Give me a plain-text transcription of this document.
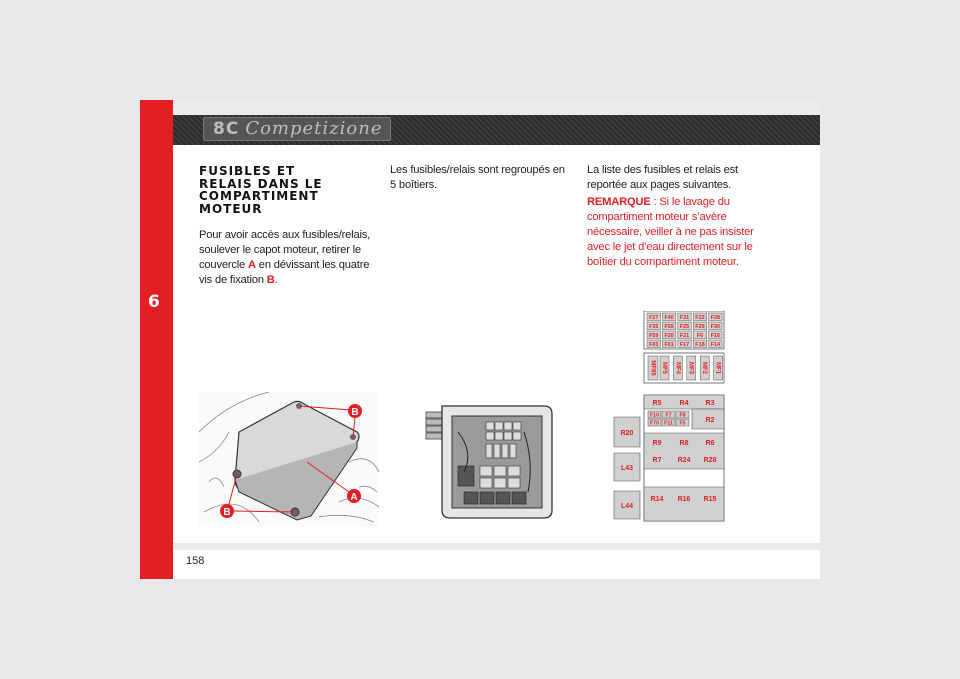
6
8C Competizione
158
FUSIBLES ET
RELAIS DANS LE
COMPARTIMENT
MOTEUR
Pour avoir accès aux fusibles/relais, soulever le capot moteur, retirer le couvercle A en dévissant les quatre vis de fixation B.
Les fusibles/relais sont regroupés en 5 boîtiers.
La liste des fusibles et relais est reportée aux pages suivantes.
REMARQUE : Si le lavage du compartiment moteur s’avère nécessaire, veiller à ne pas insister avec le jet d’eau directement sur le boîtier du compartiment moteur.
B
A
B
F27 F40 F31 F22 F28
F35 F55 F25 F29 F30
F59 F20 F21 F6 F16
F03 F01 F17 F18 F14
MF85 MF5 MF4 MF3 MF2 MF1
F10 F7 F8
F70 F11 F5
R5	R4 R3
R2
R9	R8 R6
R7 R24 R28
R14 R16 R15
R20
L43
L44
